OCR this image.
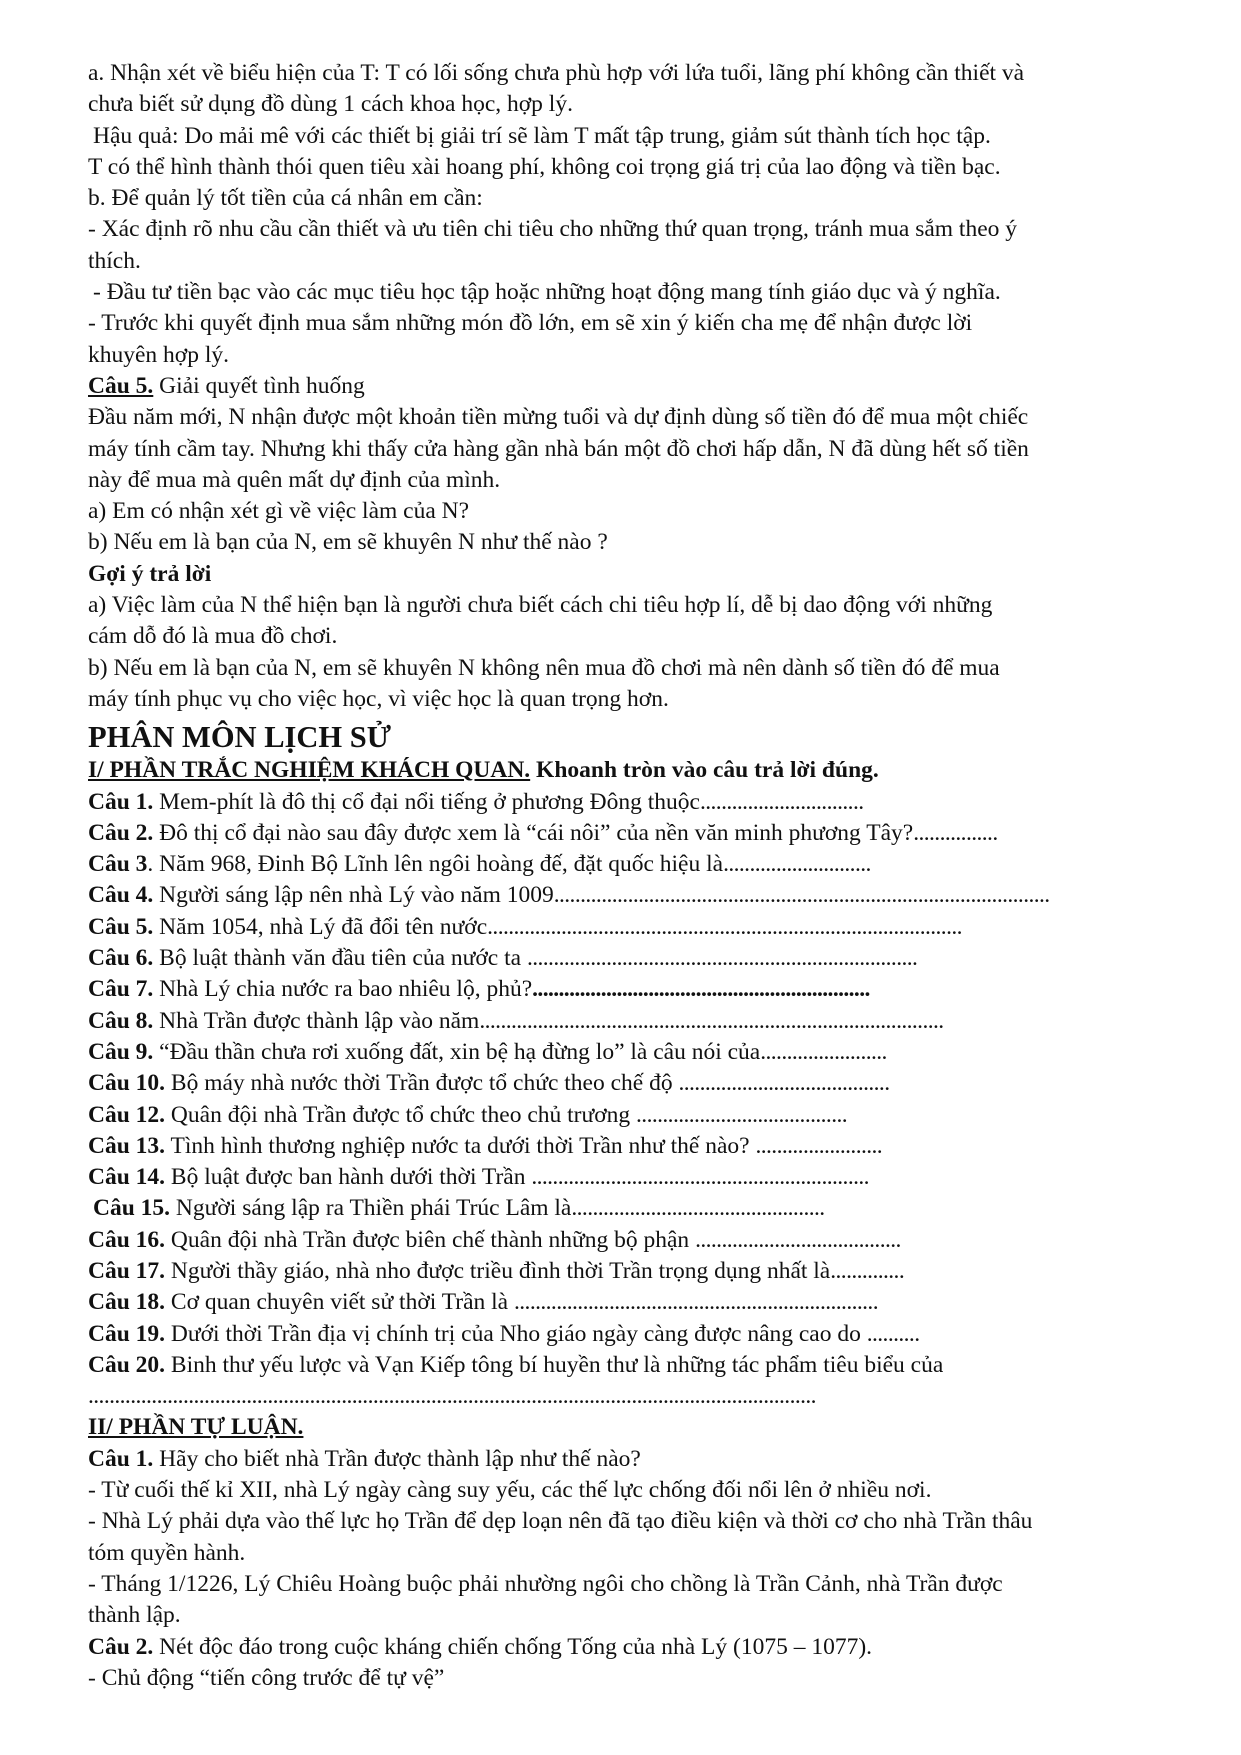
a. Nhận xét về biểu hiện của T: T có lối sống chưa phù hợp với lứa tuổi, lãng phí không cần thiết và

chưa biết sử dụng đồ dùng 1 cách khoa học, hợp lý.

Hậu quả: Do mải mê với các thiết bị giải trí sẽ làm T mất tập trung, giảm sút thành tích học tập.

T có thể hình thành thói quen tiêu xài hoang phí, không coi trọng giá trị của lao động và tiền bạc.

b. Để quản lý tốt tiền của cá nhân em cần:

- Xác định rõ nhu cầu cần thiết và ưu tiên chi tiêu cho những thứ quan trọng, tránh mua sắm theo ý

thích.

- Đầu tư tiền bạc vào các mục tiêu học tập hoặc những hoạt động mang tính giáo dục và ý nghĩa.

- Trước khi quyết định mua sắm những món đồ lớn, em sẽ xin ý kiến cha mẹ để nhận được lời

khuyên hợp lý.

Câu 5. Giải quyết tình huống

Đầu năm mới, N nhận được một khoản tiền mừng tuổi và dự định dùng số tiền đó để mua một chiếc

máy tính cầm tay. Nhưng khi thấy cửa hàng gần nhà bán một đồ chơi hấp dẫn, N đã dùng hết số tiền

này để mua mà quên mất dự định của mình.

a) Em có nhận xét gì về việc làm của N?

b) Nếu em là bạn của N, em sẽ khuyên N như thế nào ?

Gợi ý trả lời

a) Việc làm của N thể hiện bạn là người chưa biết cách chi tiêu hợp lí, dễ bị dao động với những

cám dỗ đó là mua đồ chơi.

b) Nếu em là bạn của N, em sẽ khuyên N không nên mua đồ chơi mà nên dành số tiền đó để mua

máy tính phục vụ cho việc học, vì việc học là quan trọng hơn.

PHÂN MÔN LỊCH SỬ

I/ PHẦN TRẮC NGHIỆM KHÁCH QUAN. Khoanh tròn vào câu trả lời đúng.

Câu 1. Mem-phít là đô thị cổ đại nổi tiếng ở phương Đông thuộc...............................

Câu 2. Đô thị cổ đại nào sau đây được xem là “cái nôi” của nền văn minh phương Tây?................

Câu 3. Năm 968, Đinh Bộ Lĩnh lên ngôi hoàng đế, đặt quốc hiệu là............................

Câu 4. Người sáng lập nên nhà Lý vào năm 1009..............................................................................................

Câu 5. Năm 1054, nhà Lý đã đổi tên nước..........................................................................................

Câu 6. Bộ luật thành văn đầu tiên của nước ta ..........................................................................

Câu 7. Nhà Lý chia nước ra bao nhiêu lộ, phủ?................................................................

Câu 8. Nhà Trần được thành lập vào năm........................................................................................

Câu 9. “Đầu thần chưa rơi xuống đất, xin bệ hạ đừng lo” là câu nói của........................

Câu 10. Bộ máy nhà nước thời Trần được tổ chức theo chế độ ........................................

Câu 12. Quân đội nhà Trần được tổ chức theo chủ trương ........................................

Câu 13. Tình hình thương nghiệp nước ta dưới thời Trần như thế nào? ........................

Câu 14. Bộ luật được ban hành dưới thời Trần ................................................................

Câu 15. Người sáng lập ra Thiền phái Trúc Lâm là................................................

Câu 16. Quân đội nhà Trần được biên chế thành những bộ phận .......................................

Câu 17. Người thầy giáo, nhà nho được triều đình thời Trần trọng dụng nhất là..............

Câu 18. Cơ quan chuyên viết sử thời Trần là .....................................................................

Câu 19. Dưới thời Trần địa vị chính trị của Nho giáo ngày càng được nâng cao do ..........

Câu 20. Binh thư yếu lược và Vạn Kiếp tông bí huyền thư là những tác phẩm tiêu biểu của

..........................................................................................................................................

II/ PHẦN TỰ LUẬN.

Câu 1. Hãy cho biết nhà Trần được thành lập như thế nào?

- Từ cuối thế kỉ XII, nhà Lý ngày càng suy yếu, các thế lực chống đối nổi lên ở nhiều nơi.

- Nhà Lý phải dựa vào thế lực họ Trần để dẹp loạn nên đã tạo điều kiện và thời cơ cho nhà Trần thâu

tóm quyền hành.

- Tháng 1/1226, Lý Chiêu Hoàng buộc phải nhường ngôi cho chồng là Trần Cảnh, nhà Trần được

thành lập.

Câu 2. Nét độc đáo trong cuộc kháng chiến chống Tống của nhà Lý (1075 – 1077).

- Chủ động “tiến công trước để tự vệ”
